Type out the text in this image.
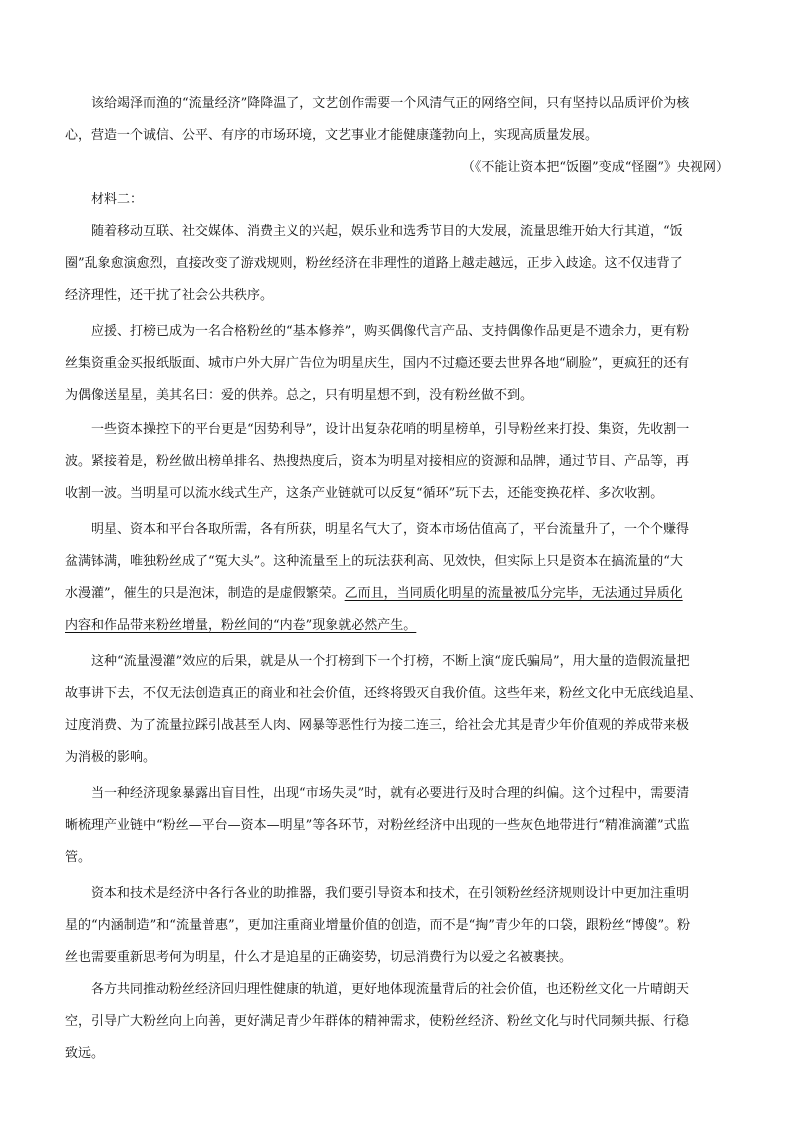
该给竭泽而渔的“流量经济”降降温了，文艺创作需要一个风清气正的网络空间，只有坚持以品质评价为核
心，营造一个诚信、公平、有序的市场环境，文艺事业才能健康蓬勃向上，实现高质量发展。
（《不能让资本把“饭圈”变成“怪圈”》央视网）
材料二：
随着移动互联、社交媒体、消费主义的兴起，娱乐业和选秀节目的大发展，流量思维开始大行其道，“饭
圈”乱象愈演愈烈，直接改变了游戏规则，粉丝经济在非理性的道路上越走越远，正步入歧途。这不仅违背了
经济理性，还干扰了社会公共秩序。
应援、打榜已成为一名合格粉丝的“基本修养”，购买偶像代言产品、支持偶像作品更是不遗余力，更有粉
丝集资重金买报纸版面、城市户外大屏广告位为明星庆生，国内不过瘾还要去世界各地“刷脸”，更疯狂的还有
为偶像送星星，美其名曰：爱的供养。总之，只有明星想不到，没有粉丝做不到。
一些资本操控下的平台更是“因势利导”，设计出复杂花哨的明星榜单，引导粉丝来打投、集资，先收割一
波。紧接着是，粉丝做出榜单排名、热搜热度后，资本为明星对接相应的资源和品牌，通过节目、产品等，再
收割一波。当明星可以流水线式生产，这条产业链就可以反复“循环”玩下去，还能变换花样、多次收割。
明星、资本和平台各取所需，各有所获，明星名气大了，资本市场估值高了，平台流量升了，一个个赚得
盆满钵满，唯独粉丝成了“冤大头”。这种流量至上的玩法获利高、见效快，但实际上只是资本在搞流量的“大
水漫灌”，催生的只是泡沫，制造的是虚假繁荣。乙而且，当同质化明星的流量被瓜分完毕，无法通过异质化
内容和作品带来粉丝增量，粉丝间的“内卷”现象就必然产生。
这种“流量漫灌”效应的后果，就是从一个打榜到下一个打榜，不断上演“庞氏骗局”，用大量的造假流量把
故事讲下去，不仅无法创造真正的商业和社会价值，还终将毁灭自我价值。这些年来，粉丝文化中无底线追星、
过度消费、为了流量拉踩引战甚至人肉、网暴等恶性行为接二连三，给社会尤其是青少年价值观的养成带来极
为消极的影响。
当一种经济现象暴露出盲目性，出现“市场失灵”时，就有必要进行及时合理的纠偏。这个过程中，需要清
晰梳理产业链中“粉丝—平台—资本—明星”等各环节，对粉丝经济中出现的一些灰色地带进行“精准滴灌”式监
管。
资本和技术是经济中各行各业的助推器，我们要引导资本和技术，在引领粉丝经济规则设计中更加注重明
星的“内涵制造”和“流量普惠”，更加注重商业增量价值的创造，而不是“掏”青少年的口袋，跟粉丝“博傻”。粉
丝也需要重新思考何为明星，什么才是追星的正确姿势，切忌消费行为以爱之名被裹挟。
各方共同推动粉丝经济回归理性健康的轨道，更好地体现流量背后的社会价值，也还粉丝文化一片晴朗天
空，引导广大粉丝向上向善，更好满足青少年群体的精神需求，使粉丝经济、粉丝文化与时代同频共振、行稳
致远。
